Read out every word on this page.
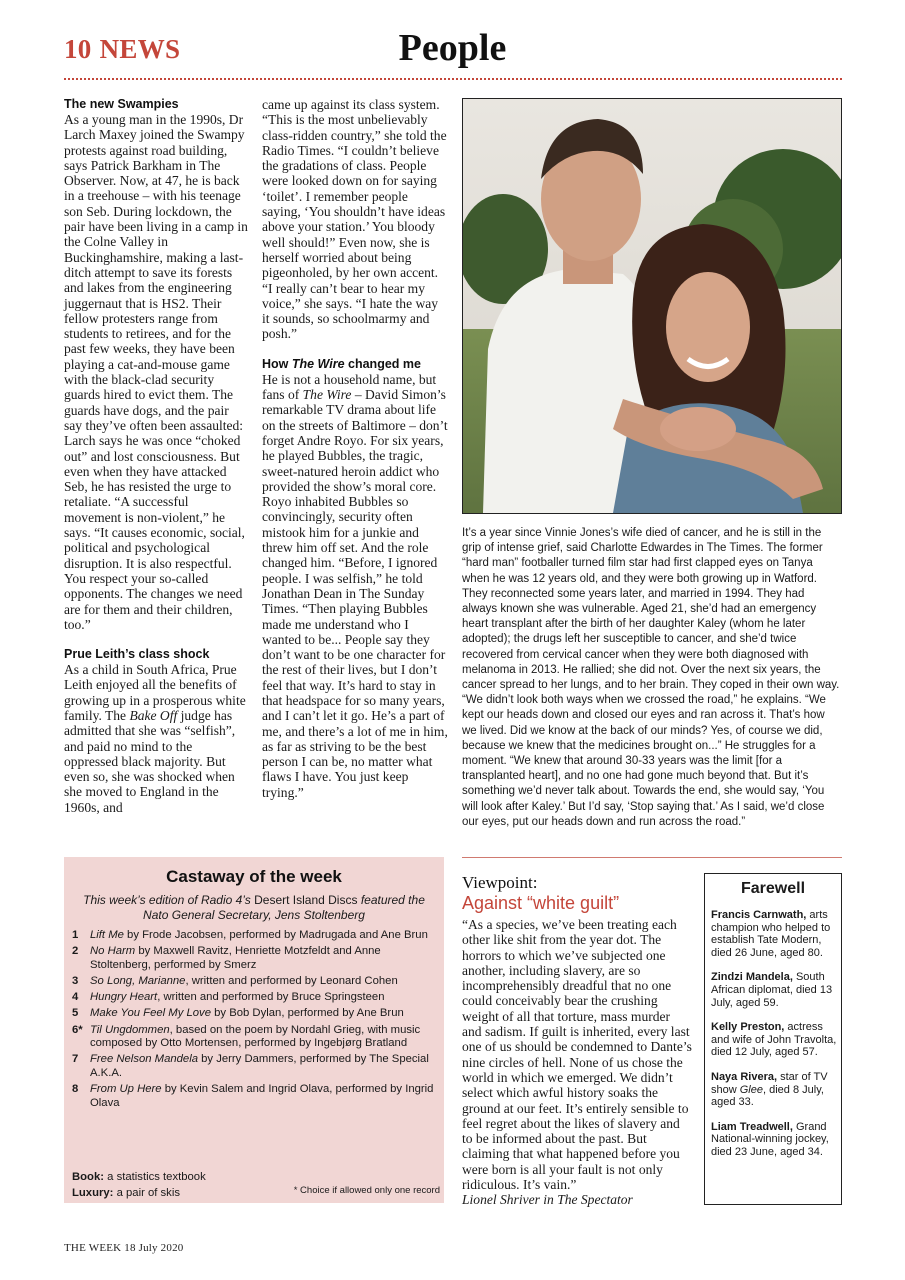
10 NEWS	People
The new Swampies

As a young man in the 1990s, Dr Larch Maxey joined the Swampy protests against road building, says Patrick Barkham in The Observer. Now, at 47, he is back in a treehouse – with his teenage son Seb. During lockdown, the pair have been living in a camp in the Colne Valley in Buckinghamshire, making a last-ditch attempt to save its forests and lakes from the engineering juggernaut that is HS2. Their fellow protesters range from students to retirees, and for the past few weeks, they have been playing a cat-and-mouse game with the black-clad security guards hired to evict them. The guards have dogs, and the pair say they’ve often been assaulted: Larch says he was once “choked out” and lost consciousness. But even when they have attacked Seb, he has resisted the urge to retaliate. “A successful movement is non-violent,” he says. “It causes economic, social, political and psychological disruption. It is also respectful. You respect your so-called opponents. The changes we need are for them and their children, too.”

Prue Leith’s class shock

As a child in South Africa, Prue Leith enjoyed all the benefits of growing up in a prosperous white family. The Bake Off judge has admitted that she was “selfish”, and paid no mind to the oppressed black majority. But even so, she was shocked when she moved to England in the 1960s, and

came up against its class system. “This is the most unbelievably class-ridden country,” she told the Radio Times. “I couldn’t believe the gradations of class. People were looked down on for saying ‘toilet’. I remember people saying, ‘You shouldn’t have ideas above your station.’ You bloody well should!” Even now, she is herself worried about being pigeonholed, by her own accent. “I really can’t bear to hear my voice,” she says. “I hate the way it sounds, so schoolmarmy and posh.”

How The Wire changed me

He is not a household name, but fans of The Wire – David Simon’s remarkable TV drama about life on the streets of Baltimore – don’t forget Andre Royo. For six years, he played Bubbles, the tragic, sweet-natured heroin addict who provided the show’s moral core. Royo inhabited Bubbles so convincingly, security often mistook him for a junkie and threw him off set. And the role changed him. “Before, I ignored people. I was selfish,” he told Jonathan Dean in The Sunday Times. “Then playing Bubbles made me understand who I wanted to be... People say they don’t want to be one character for the rest of their lives, but I don’t feel that way. It’s hard to stay in that headspace for so many years, and I can’t let it go. He’s a part of me, and there’s a lot of me in him, as far as striving to be the best person I can be, no matter what flaws I have. You just keep trying.”

It’s a year since Vinnie Jones’s wife died of cancer, and he is still in the grip of intense grief, said Charlotte Edwardes in The Times. The former “hard man” footballer turned film star had first clapped eyes on Tanya when he was 12 years old, and they were both growing up in Watford. They reconnected some years later, and married in 1994. They had always known she was vulnerable. Aged 21, she’d had an emergency heart transplant after the birth of her daughter Kaley (whom he later adopted); the drugs left her susceptible to cancer, and she’d twice recovered from cervical cancer when they were both diagnosed with melanoma in 2013. He rallied; she did not. Over the next six years, the cancer spread to her lungs, and to her brain. They coped in their own way. “We didn’t look both ways when we crossed the road,” he explains. “We kept our heads down and closed our eyes and ran across it. That’s how we lived. Did we know at the back of our minds? Yes, of course we did, because we knew that the medicines brought on...” He struggles for a moment. “We knew that around 30-33 years was the limit [for a transplanted heart], and no one had gone much beyond that. But it’s something we’d never talk about. Towards the end, she would say, ‘You will look after Kaley.’ But I’d say, ‘Stop saying that.’ As I said, we’d close our eyes, put our heads down and run across the road.”
Castaway of the week
This week’s edition of Radio 4’s Desert Island Discs featured the Nato General Secretary, Jens Stoltenberg
1	Lift Me by Frode Jacobsen, performed by Madrugada and Ane Brun
2	No Harm by Maxwell Ravitz, Henriette Motzfeldt and Anne Stoltenberg, performed by Smerz
3	So Long, Marianne, written and performed by Leonard Cohen
4	Hungry Heart, written and performed by Bruce Springsteen
5	Make You Feel My Love by Bob Dylan, performed by Ane Brun
6* Til Ungdommen, based on the poem by Nordahl Grieg, with music composed by Otto Mortensen, performed by Ingebjørg Bratland
7	Free Nelson Mandela by Jerry Dammers, performed by The Special A.K.A.
8	From Up Here by Kevin Salem and Ingrid Olava, performed by Ingrid Olava
Book: a statistics textbook
Luxury: a pair of skis	* Choice if allowed only one record
Viewpoint:
Against “white guilt”
“As a species, we’ve been treating each other like shit from the year dot. The horrors to which we’ve subjected one another, including slavery, are so incomprehensibly dreadful that no one could conceivably bear the crushing weight of all that torture, mass murder and sadism. If guilt is inherited, every last one of us should be condemned to Dante’s nine circles of hell. None of us chose the world in which we emerged. We didn’t select which awful history soaks the ground at our feet. It’s entirely sensible to feel regret about the likes of slavery and to be informed about the past. But claiming that what happened before you were born is all your fault is not only ridiculous. It’s vain.”
Lionel Shriver in The Spectator
Farewell
Francis Carnwath, arts champion who helped to establish Tate Modern, died 26 June, aged 80.
Zindzi Mandela, South African diplomat, died 13 July, aged 59.
Kelly Preston, actress and wife of John Travolta, died 12 July, aged 57.
Naya Rivera, star of TV show Glee, died 8 July, aged 33.
Liam Treadwell, Grand National-winning jockey, died 23 June, aged 34.
THE WEEK 18 July 2020
